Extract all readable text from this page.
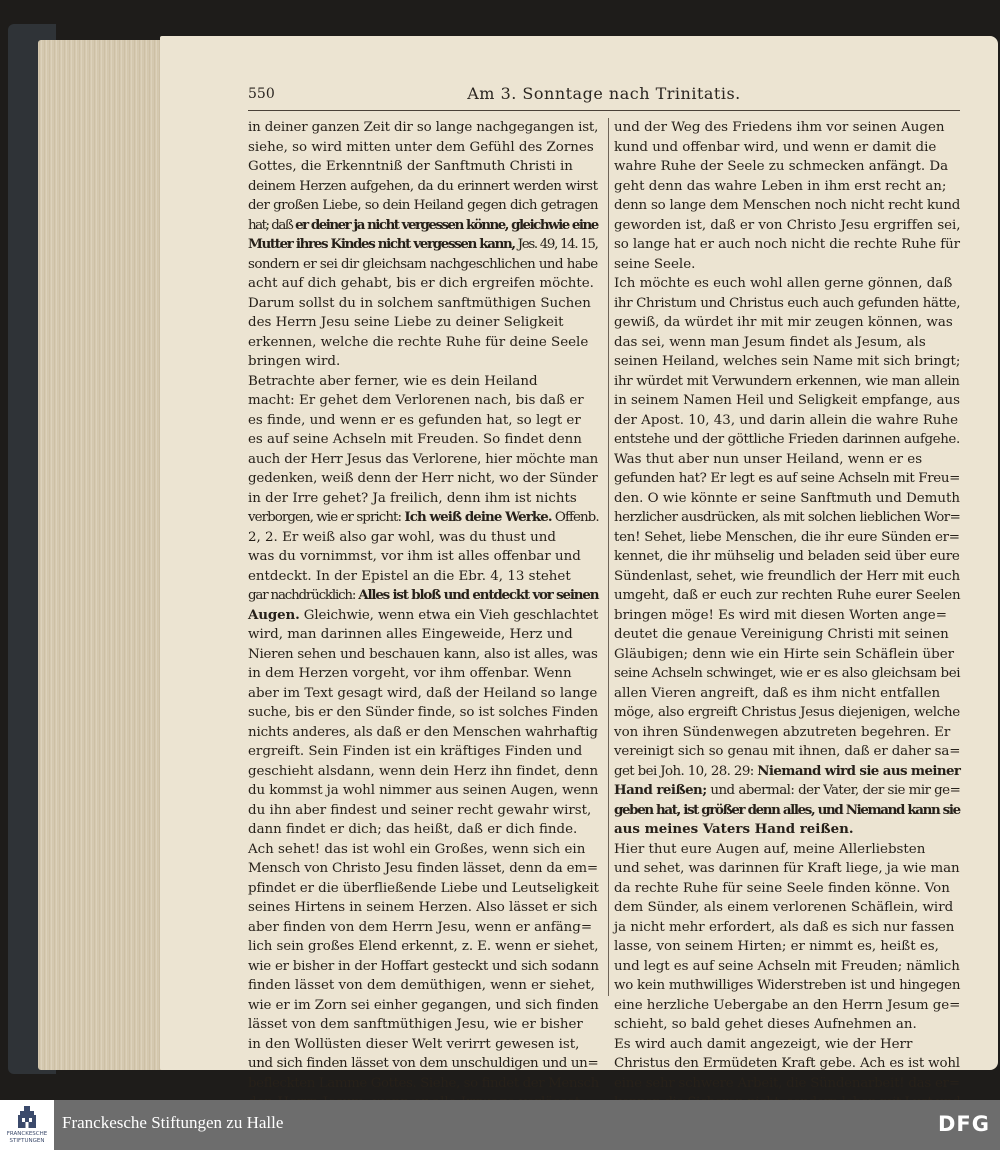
550	Am 3. Sonntage nach Trinitatis.
in deiner ganzen Zeit dir so lange nachgegangen ist,
siehe, so wird mitten unter dem Gefühl des Zornes
Gottes, die Erkenntniß der Sanftmuth Christi in
deinem Herzen aufgehen, da du erinnert werden wirst
der großen Liebe, so dein Heiland gegen dich getragen
hat; daß er deiner ja nicht vergessen könne, gleichwie eine
Mutter ihres Kindes nicht vergessen kann, Jes. 49, 14. 15,
sondern er sei dir gleichsam nachgeschlichen und habe
acht auf dich gehabt, bis er dich ergreifen möchte.
Darum sollst du in solchem sanftmüthigen Suchen
des Herrn Jesu seine Liebe zu deiner Seligkeit
erkennen, welche die rechte Ruhe für deine Seele
bringen wird.
Betrachte aber ferner, wie es dein Heiland
macht: Er gehet dem Verlorenen nach, bis daß er
es finde, und wenn er es gefunden hat, so legt er
es auf seine Achseln mit Freuden. So findet denn
auch der Herr Jesus das Verlorene, hier möchte man
gedenken, weiß denn der Herr nicht, wo der Sünder
in der Irre gehet? Ja freilich, denn ihm ist nichts
verborgen, wie er spricht: Ich weiß deine Werke. Offenb.
2, 2. Er weiß also gar wohl, was du thust und
was du vornimmst, vor ihm ist alles offenbar und
entdeckt. In der Epistel an die Ebr. 4, 13 stehet
gar nachdrücklich: Alles ist bloß und entdeckt vor seinen
Augen. Gleichwie, wenn etwa ein Vieh geschlachtet
wird, man darinnen alles Eingeweide, Herz und
Nieren sehen und beschauen kann, also ist alles, was
in dem Herzen vorgeht, vor ihm offenbar. Wenn
aber im Text gesagt wird, daß der Heiland so lange
suche, bis er den Sünder finde, so ist solches Finden
nichts anderes, als daß er den Menschen wahrhaftig
ergreift. Sein Finden ist ein kräftiges Finden und
geschieht alsdann, wenn dein Herz ihn findet, denn
du kommst ja wohl nimmer aus seinen Augen, wenn
du ihn aber findest und seiner recht gewahr wirst,
dann findet er dich; das heißt, daß er dich finde.
Ach sehet! das ist wohl ein Großes, wenn sich ein
Mensch von Christo Jesu finden lässet, denn da em=
pfindet er die überfließende Liebe und Leutseligkeit
seines Hirtens in seinem Herzen. Also lässet er sich
aber finden von dem Herrn Jesu, wenn er anfäng=
lich sein großes Elend erkennt, z. E. wenn er siehet,
wie er bisher in der Hoffart gesteckt und sich sodann
finden lässet von dem demüthigen, wenn er siehet,
wie er im Zorn sei einher gegangen, und sich finden
lässet von dem sanftmüthigen Jesu, wie er bisher
in den Wollüsten dieser Welt verirrt gewesen ist,
und sich finden lässet von dem unschuldigen und un=
befleckten Lamme Gottes. Siehe, so findet der Mensch
und der Weg des Friedens ihm vor seinen Augen
kund und offenbar wird, und wenn er damit die
wahre Ruhe der Seele zu schmecken anfängt. Da
geht denn das wahre Leben in ihm erst recht an;
denn so lange dem Menschen noch nicht recht kund
geworden ist, daß er von Christo Jesu ergriffen sei,
so lange hat er auch noch nicht die rechte Ruhe für
seine Seele.
Ich möchte es euch wohl allen gerne gönnen, daß
ihr Christum und Christus euch auch gefunden hätte,
gewiß, da würdet ihr mit mir zeugen können, was
das sei, wenn man Jesum findet als Jesum, als
seinen Heiland, welches sein Name mit sich bringt;
ihr würdet mit Verwundern erkennen, wie man allein
in seinem Namen Heil und Seligkeit empfange, aus
der Apost. 10, 43, und darin allein die wahre Ruhe
entstehe und der göttliche Frieden darinnen aufgehe.
Was thut aber nun unser Heiland, wenn er es
gefunden hat? Er legt es auf seine Achseln mit Freu=
den. O wie könnte er seine Sanftmuth und Demuth
herzlicher ausdrücken, als mit solchen lieblichen Wor=
ten! Sehet, liebe Menschen, die ihr eure Sünden er=
kennet, die ihr mühselig und beladen seid über eure
Sündenlast, sehet, wie freundlich der Herr mit euch
umgeht, daß er euch zur rechten Ruhe eurer Seelen
bringen möge! Es wird mit diesen Worten ange=
deutet die genaue Vereinigung Christi mit seinen
Gläubigen; denn wie ein Hirte sein Schäflein über
seine Achseln schwinget, wie er es also gleichsam bei
allen Vieren angreift, daß es ihm nicht entfallen
möge, also ergreift Christus Jesus diejenigen, welche
von ihren Sündenwegen abzutreten begehren. Er
vereinigt sich so genau mit ihnen, daß er daher sa=
get bei Joh. 10, 28. 29: Niemand wird sie aus meiner
Hand reißen; und abermal: der Vater, der sie mir ge=
geben hat, ist größer denn alles, und Niemand kann sie
aus meines Vaters Hand reißen.
Hier thut eure Augen auf, meine Allerliebsten
und sehet, was darinnen für Kraft liege, ja wie man
da rechte Ruhe für seine Seele finden könne. Von
dem Sünder, als einem verlorenen Schäflein, wird
ja nicht mehr erfordert, als daß es sich nur fassen
lasse, von seinem Hirten; er nimmt es, heißt es,
und legt es auf seine Achseln mit Freuden; nämlich
wo kein muthwilliges Widerstreben ist und hingegen
eine herzliche Uebergabe an den Herrn Jesum ge=
schieht, so bald gehet dieses Aufnehmen an.
Es wird auch damit angezeigt, wie der Herr
Christus den Ermüdeten Kraft gebe. Ach es ist wohl
eine sehr schwere Arbeit, die Sündenarbeit! das er=
FRANCKESCHE
STIFTUNGEN
Franckesche Stiftungen zu Halle	DFG
